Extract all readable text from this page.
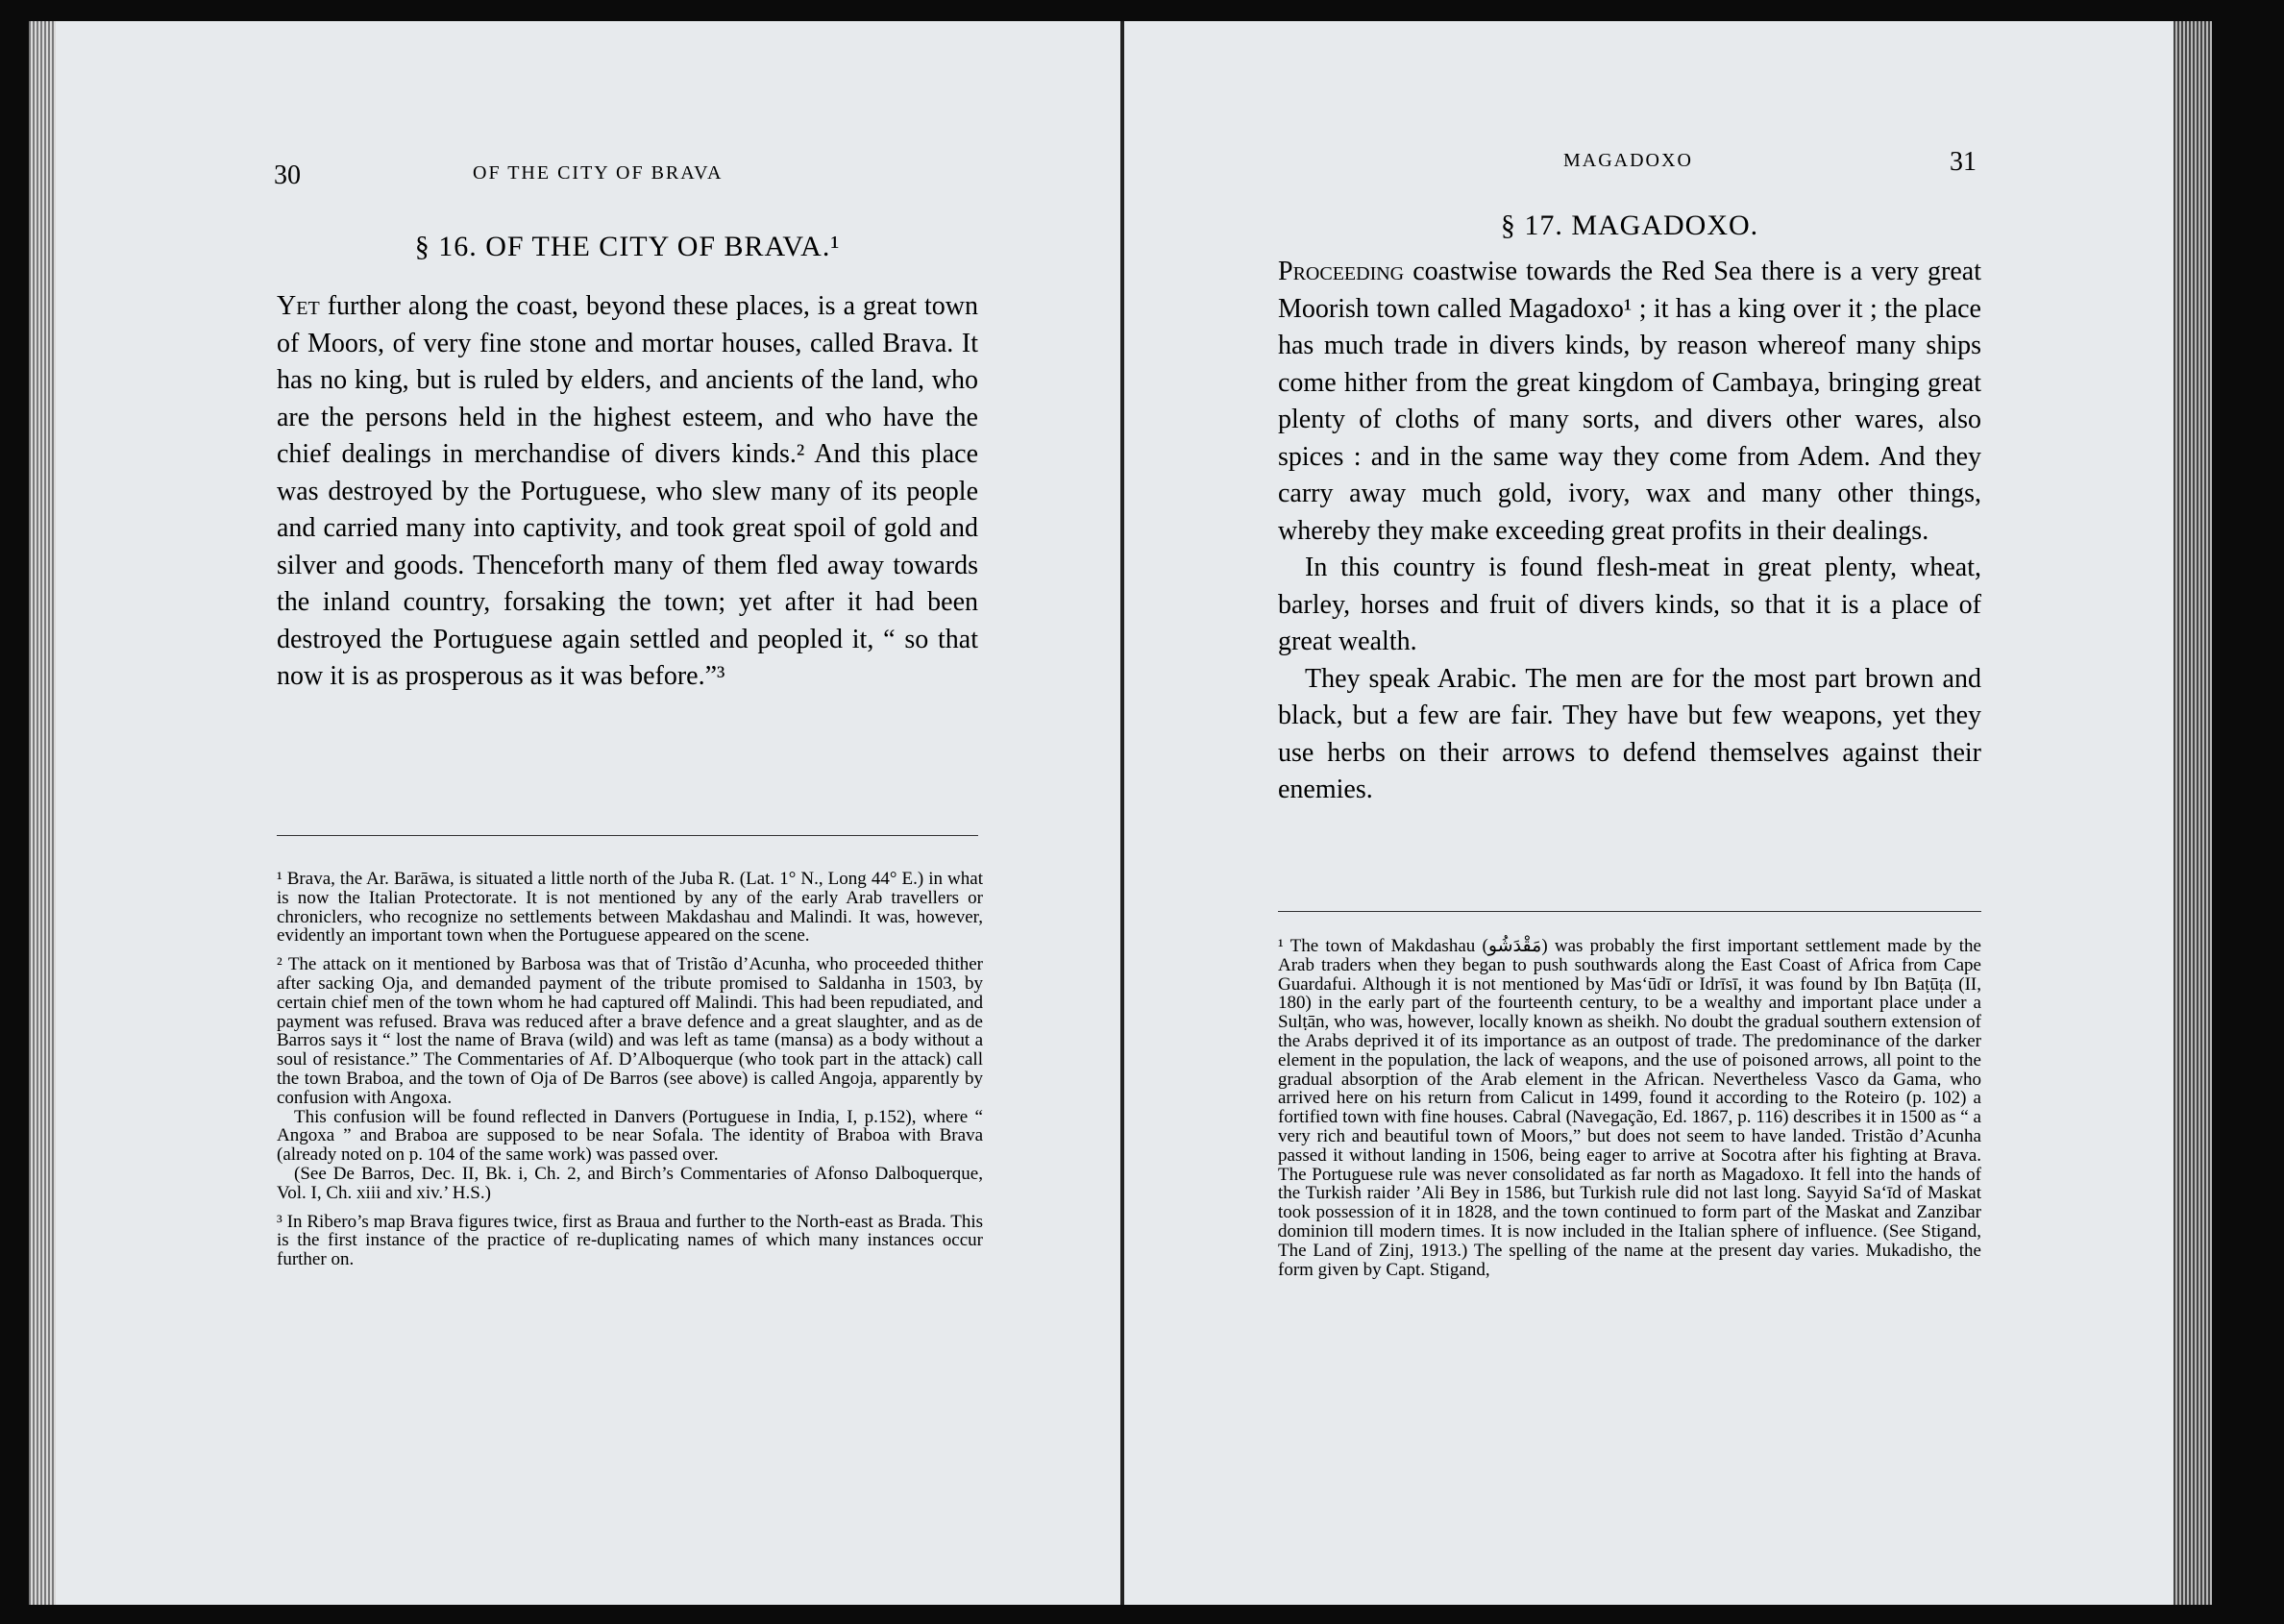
30	OF THE CITY OF BRAVA
§ 16. OF THE CITY OF BRAVA.¹

Yet further along the coast, beyond these places, is a great town of Moors, of very fine stone and mortar houses, called Brava. It has no king, but is ruled by elders, and ancients of the land, who are the persons held in the highest esteem, and who have the chief dealings in merchandise of divers kinds.² And this place was destroyed by the Portuguese, who slew many of its people and carried many into captivity, and took great spoil of gold and silver and goods. Thenceforth many of them fled away towards the inland country, forsaking the town; yet after it had been destroyed the Portuguese again settled and peopled it, “ so that now it is as prosperous as it was before.”³

¹ Brava, the Ar. Barāwa, is situated a little north of the Juba R. (Lat. 1° N., Long 44° E.) in what is now the Italian Protectorate. It is not mentioned by any of the early Arab travellers or chroniclers, who recognize no settlements between Makdashau and Malindi. It was, however, evidently an important town when the Portuguese appeared on the scene.

² The attack on it mentioned by Barbosa was that of Tristão d’Acunha, who proceeded thither after sacking Oja, and demanded payment of the tribute promised to Saldanha in 1503, by certain chief men of the town whom he had captured off Malindi. This had been repudiated, and payment was refused. Brava was reduced after a brave defence and a great slaughter, and as de Barros says it “ lost the name of Brava (wild) and was left as tame (mansa) as a body without a soul of resistance.” The Commentaries of Af. D’Alboquerque (who took part in the attack) call the town Braboa, and the town of Oja of De Barros (see above) is called Angoja, apparently by confusion with Angoxa.

This confusion will be found reflected in Danvers (Portuguese in India, I, p.152), where “ Angoxa ” and Braboa are supposed to be near Sofala. The identity of Braboa with Brava (already noted on p. 104 of the same work) was passed over.

(See De Barros, Dec. II, Bk. i, Ch. 2, and Birch’s Commentaries of Afonso Dalboquerque, Vol. I, Ch. xiii and xiv.’ H.S.)

³ In Ribero’s map Brava figures twice, first as Braua and further to the North-east as Brada. This is the first instance of the practice of re-duplicating names of which many instances occur further on.

MAGADOXO	31
§ 17. MAGADOXO.

Proceeding coastwise towards the Red Sea there is a very great Moorish town called Magadoxo¹ ; it has a king over it ; the place has much trade in divers kinds, by reason whereof many ships come hither from the great kingdom of Cambaya, bringing great plenty of cloths of many sorts, and divers other wares, also spices : and in the same way they come from Adem. And they carry away much gold, ivory, wax and many other things, whereby they make exceeding great profits in their dealings.

In this country is found flesh-meat in great plenty, wheat, barley, horses and fruit of divers kinds, so that it is a place of great wealth.

They speak Arabic. The men are for the most part brown and black, but a few are fair. They have but few weapons, yet they use herbs on their arrows to defend themselves against their enemies.

¹ The town of Makdashau (مَقْدَشُو) was probably the first important settlement made by the Arab traders when they began to push southwards along the East Coast of Africa from Cape Guardafui. Although it is not mentioned by Mas‘ūdī or Idrīsī, it was found by Ibn Baṭūṭa (II, 180) in the early part of the fourteenth century, to be a wealthy and important place under a Sulṭān, who was, however, locally known as sheikh. No doubt the gradual southern extension of the Arabs deprived it of its importance as an outpost of trade. The predominance of the darker element in the population, the lack of weapons, and the use of poisoned arrows, all point to the gradual absorption of the Arab element in the African. Nevertheless Vasco da Gama, who arrived here on his return from Calicut in 1499, found it according to the Roteiro (p. 102) a fortified town with fine houses. Cabral (Navegação, Ed. 1867, p. 116) describes it in 1500 as “ a very rich and beautiful town of Moors,” but does not seem to have landed. Tristão d’Acunha passed it without landing in 1506, being eager to arrive at Socotra after his fighting at Brava. The Portuguese rule was never consolidated as far north as Magadoxo. It fell into the hands of the Turkish raider ’Ali Bey in 1586, but Turkish rule did not last long. Sayyid Sa‘īd of Maskat took possession of it in 1828, and the town continued to form part of the Maskat and Zanzibar dominion till modern times. It is now included in the Italian sphere of influence. (See Stigand, The Land of Zinj, 1913.) The spelling of the name at the present day varies. Mukadisho, the form given by Capt. Stigand,
